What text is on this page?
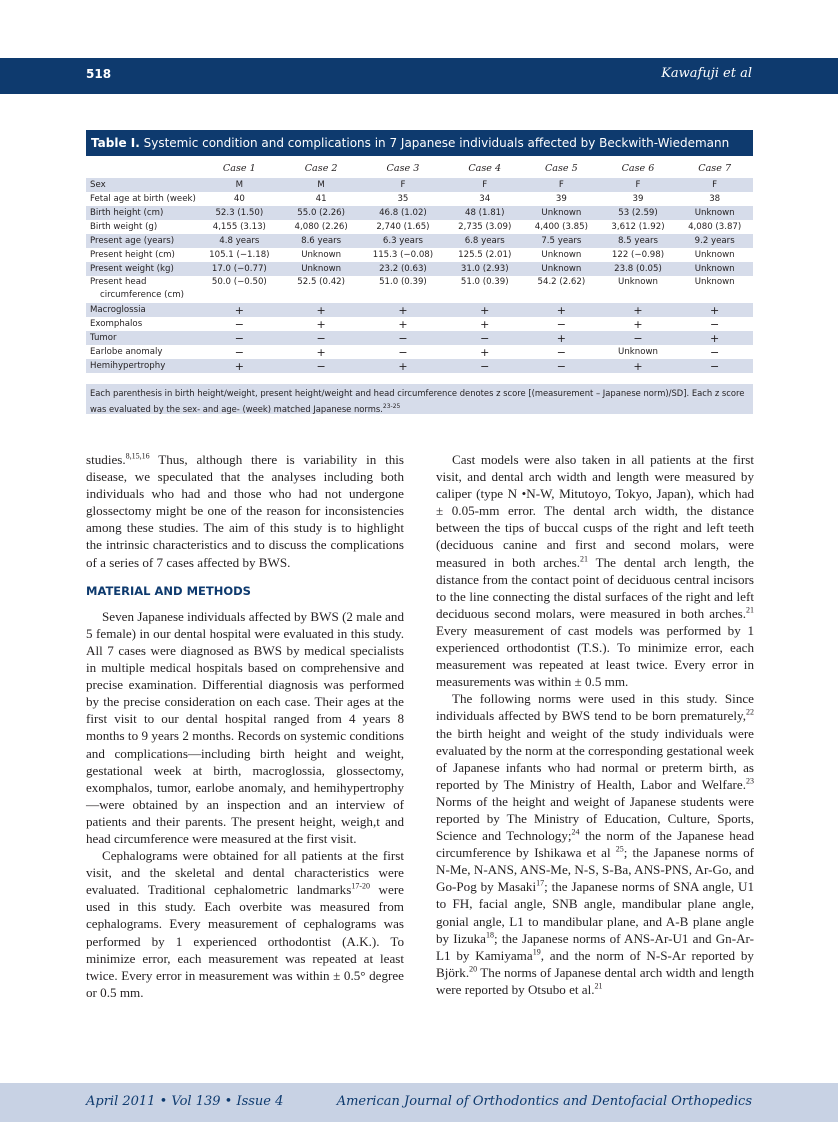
518	Kawafuji et al
Table I. Systemic condition and complications in 7 Japanese individuals affected by Beckwith-Wiedemann syndrome
		Case 1	Case 2	Case 3	Case 4	Case 5	Case 6	Case 7
Sex	M	M	F	F	F	F	F
Fetal age at birth (week)	40	41	35	34	39	39	38
Birth height (cm)	52.3 (1.50)	55.0 (2.26)	46.8 (1.02)	48 (1.81)	Unknown	53 (2.59)	Unknown
Birth weight (g)	4,155 (3.13)	4,080 (2.26)	2,740 (1.65)	2,735 (3.09)	4,400 (3.85)	3,612 (1.92)	4,080 (3.87)
Present age (years)	4.8 years	8.6 years	6.3 years	6.8 years	7.5 years	8.5 years	9.2 years
Present height (cm)	105.1 (−1.18)	Unknown	115.3 (−0.08)	125.5 (2.01)	Unknown	122 (−0.98)	Unknown
Present weight (kg)	17.0 (−0.77)	Unknown	23.2 (0.63)	31.0 (2.93)	Unknown	23.8 (0.05)	Unknown
Present head
circumference (cm)	50.0 (−0.50)	52.5 (0.42)	51.0 (0.39)	51.0 (0.39)	54.2 (2.62)	Unknown	Unknown
Macroglossia	+	+	+	+	+	+	+
Exomphalos	−	+	+	+	−	+	−
Tumor	−	−	−	−	+	−	+
Earlobe anomaly	−	+	−	+	−	Unknown	−
Hemihypertrophy	+	−	+	−	−	+	−
Each parenthesis in birth height/weight, present height/weight and head circumference denotes z score [(measurement – Japanese norm)/SD]. Each z score was evaluated by the sex- and age- (week) matched Japanese norms.$^{23-25}$

studies.$^{8,15,16}$ Thus, although there is variability in this disease, we speculated that the analyses including both individuals who had and those who had not undergone glossectomy might be one of the reason for inconsistencies among these studies. The aim of this study is to highlight the intrinsic characteristics and to discuss the complications of a series of 7 cases affected by BWS.

MATERIAL AND METHODS

Seven Japanese individuals affected by BWS (2 male and 5 female) in our dental hospital were evaluated in this study. All 7 cases were diagnosed as BWS by medical specialists in multiple medical hospitals based on comprehensive and precise examination. Differential diagnosis was performed by the precise consideration on each case. Their ages at the first visit to our dental hospital ranged from 4 years 8 months to 9 years 2 months. Records on systemic conditions and complications—including birth height and weight, gestational week at birth, macroglossia, glossectomy, exomphalos, tumor, earlobe anomaly, and hemihypertrophy—were obtained by an inspection and an interview of patients and their parents. The present height, weigh,t and head circumference were measured at the first visit.

Cephalograms were obtained for all patients at the first visit, and the skeletal and dental characteristics were evaluated. Traditional cephalometric landmarks$^{17-20}$ were used in this study. Each overbite was measured from cephalograms. Every measurement of cephalograms was performed by 1 experienced orthodontist (A.K.). To minimize error, each measurement was repeated at least twice. Every error in measurement was within ± 0.5° degree or 0.5 mm.

Cast models were also taken in all patients at the first visit, and dental arch width and length were measured by caliper (type N •N-W, Mitutoyo, Tokyo, Japan), which had ± 0.05-mm error. The dental arch width, the distance between the tips of buccal cusps of the right and left teeth (deciduous canine and first and second molars, were measured in both arches.$^{21}$ The dental arch length, the distance from the contact point of deciduous central incisors to the line connecting the distal surfaces of the right and left deciduous second molars, were measured in both arches.$^{21}$ Every measurement of cast models was performed by 1 experienced orthodontist (T.S.). To minimize error, each measurement was repeated at least twice. Every error in measurements was within ± 0.5 mm.

The following norms were used in this study. Since individuals affected by BWS tend to be born prematurely,$^{22}$ the birth height and weight of the study individuals were evaluated by the norm at the corresponding gestational week of Japanese infants who had normal or preterm birth, as reported by The Ministry of Health, Labor and Welfare.$^{23}$ Norms of the height and weight of Japanese students were reported by The Ministry of Education, Culture, Sports, Science and Technology;$^{24}$ the norm of the Japanese head circumference by Ishikawa et al $^{25}$; the Japanese norms of N-Me, N-ANS, ANS-Me, N-S, S-Ba, ANS-PNS, Ar-Go, and Go-Pog by Masaki$^{17}$; the Japanese norms of SNA angle, U1 to FH, facial angle, SNB angle, mandibular plane angle, gonial angle, L1 to mandibular plane, and A-B plane angle by Iizuka$^{18}$; the Japanese norms of ANS-Ar-U1 and Gn-Ar-L1 by Kamiyama$^{19}$, and the norm of N-S-Ar reported by Björk.$^{20}$ The norms of Japanese dental arch width and length were reported by Otsubo et al.$^{21}$

April 2011 • Vol 139 • Issue 4	American Journal of Orthodontics and Dentofacial Orthopedics
